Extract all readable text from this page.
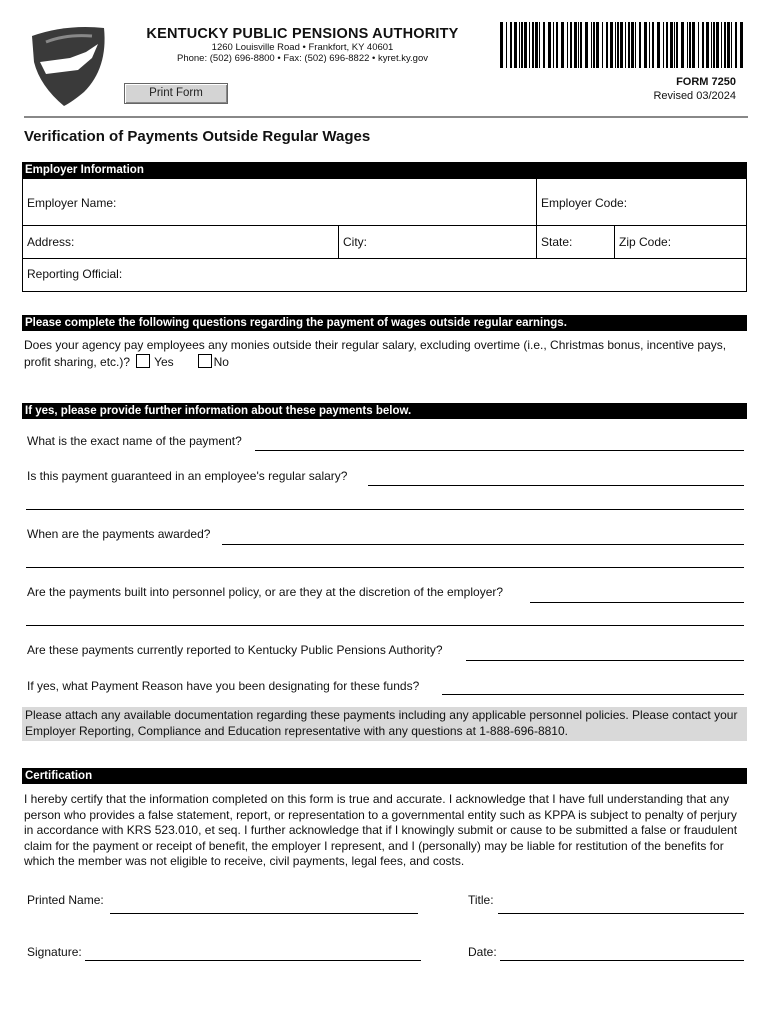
KENTUCKY PUBLIC PENSIONS AUTHORITY
1260 Louisville Road • Frankfort, KY 40601
Phone: (502) 696-8800 • Fax: (502) 696-8822 • kyret.ky.gov
FORM 7250
Revised 03/2024
Print Form
Verification of Payments Outside Regular Wages
Employer Information
Employer Name:	Employer Code:
Address:	City:	State:	Zip Code:
Reporting Official:
Please complete the following questions regarding the payment of wages outside regular earnings.
Does your agency pay employees any monies outside their regular salary, excluding overtime (i.e., Christmas bonus, incentive pays, profit sharing, etc.)? Yes	No
If yes, please provide further information about these payments below.
What is the exact name of the payment?
Is this payment guaranteed in an employee's regular salary?
When are the payments awarded?
Are the payments built into personnel policy, or are they at the discretion of the employer?
Are these payments currently reported to Kentucky Public Pensions Authority?
If yes, what Payment Reason have you been designating for these funds?
Please attach any available documentation regarding these payments including any applicable personnel policies. Please contact your Employer Reporting, Compliance and Education representative with any questions at 1-888-696-8810.
Certification
I hereby certify that the information completed on this form is true and accurate. I acknowledge that I have full understanding that any person who provides a false statement, report, or representation to a governmental entity such as KPPA is subject to penalty of perjury in accordance with KRS 523.010, et seq. I further acknowledge that if I knowingly submit or cause to be submitted a false or fraudulent claim for the payment or receipt of benefit, the employer I represent, and I (personally) may be liable for restitution of the benefits for which the member was not eligible to receive, civil payments, legal fees, and costs.
Printed Name:	Title:
Signature:	Date:
